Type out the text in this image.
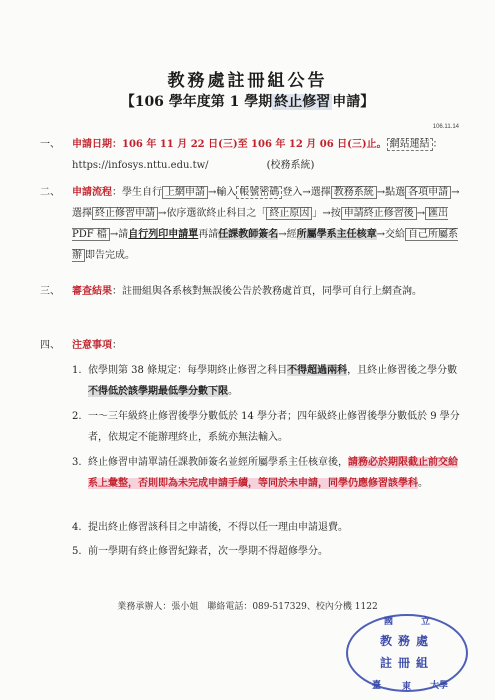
教務處註冊組公告
【106 學年度第 1 學期 終止修習 申請】
106.11.14
一、 申請日期：106 年 11 月 22 日(三)至 106 年 12 月 06 日(三)止。 網站連結 ：
https://infosys.nttu.edu.tw/	(校務系統)
二、 申請流程：學生自行 上網申請 →輸入 帳號密碼 登入→選擇 教務系統 →點選 各項申請 →選擇 終止修習申請 →依序選欲終止科目之「 終止原因 」→按 申請終止修習後 → 匯出 PDF 檔 →請自行列印申請單再請任課教師簽名→經所屬學系主任核章→交給 自己所屬系辦 即告完成。
三、 審查結果：註冊組與各系核對無誤後公告於教務處首頁，同學可自行上網查詢。
四、 注意事項：
1. 依學則第 38 條規定：每學期終止修習之科目不得超過兩科，且終止修習後之學分數不得低於該學期最低學分數下限。
2. 一～三年級終止修習後學分數低於 14 學分者；四年級終止修習後學分數低於 9 學分者，依規定不能辦理終止，系統亦無法輸入。
3. 終止修習申請單請任課教師簽名並經所屬學系主任核章後，請務必於期限截止前交給系上彙整，否則即為未完成申請手續，等同於未申請，同學仍應修習該學科。
4. 提出終止修習該科目之申請後，不得以任一理由申請退費。
5. 前一學期有終止修習紀錄者，次一學期不得超修學分。
業務承辦人：張小姐　聯絡電話：089-517329、校內分機 1122
國	立
教務處
註冊組
臺 東 大學
